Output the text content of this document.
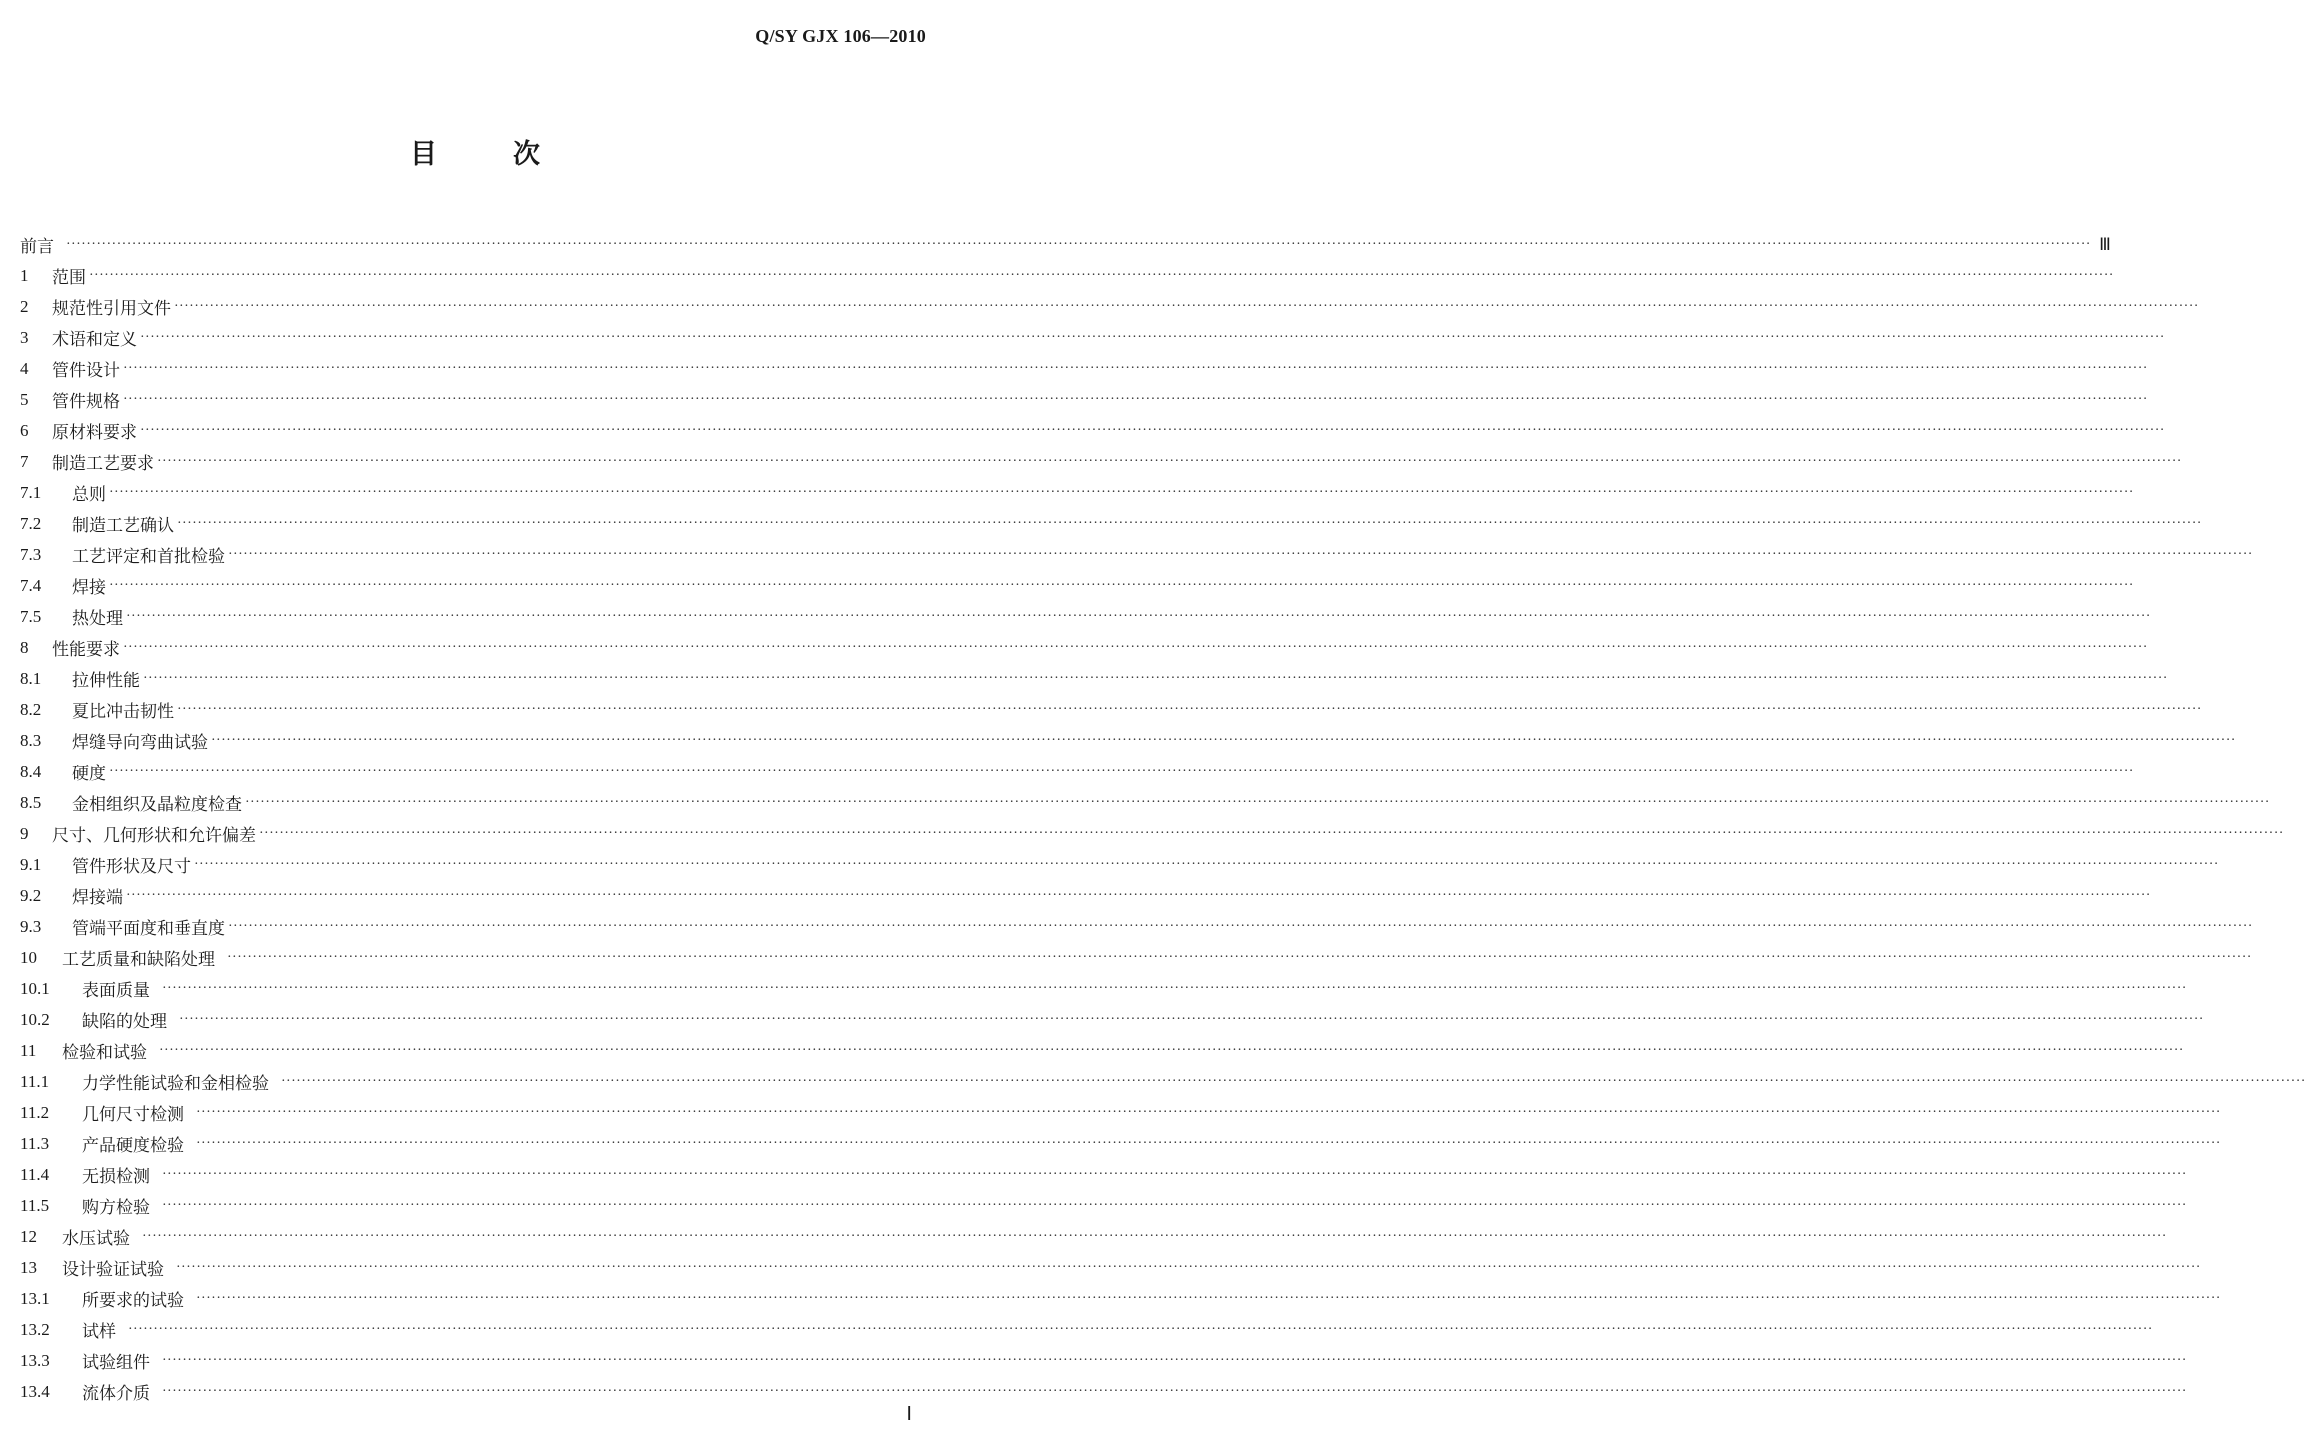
Q/SY GJX 106—2010
目	次
前言 ················································································································································································································································································································································································································ Ⅲ
1	范围 ················································································································································································································································································································································································································
2	规范性引用文件 ················································································································································································································································································································································································································
3	术语和定义 ················································································································································································································································································································································································································
4	管件设计 ················································································································································································································································································································································································································
5	管件规格 ················································································································································································································································································································································································································
6	原材料要求 ················································································································································································································································································································································································································
7	制造工艺要求 ················································································································································································································································································································································································································
7.1	总则 ················································································································································································································································································································································································································
7.2	制造工艺确认 ················································································································································································································································································································································································································
7.3	工艺评定和首批检验 ················································································································································································································································································································································································································
7.4	焊接 ················································································································································································································································································································································································································
7.5	热处理 ················································································································································································································································································································································································································
8	性能要求 ················································································································································································································································································································································································································
8.1	拉伸性能 ················································································································································································································································································································································································································
8.2	夏比冲击韧性 ················································································································································································································································································································································································································
8.3	焊缝导向弯曲试验 ················································································································································································································································································································································································································
8.4	硬度 ················································································································································································································································································································································································································
8.5	金相组织及晶粒度检查 ················································································································································································································································································································································································································
9	尺寸、几何形状和允许偏差 ················································································································································································································································································································································································································
9.1	管件形状及尺寸 ················································································································································································································································································································································································································
9.2	焊接端 ················································································································································································································································································································································································································
9.3	管端平面度和垂直度 ················································································································································································································································································································································································································
10	工艺质量和缺陷处理 ················································································································································································································································································································································································································
10.1	表面质量 ················································································································································································································································································································································································································
10.2	缺陷的处理 ················································································································································································································································································································································································································
11	检验和试验 ················································································································································································································································································································································································································
11.1	力学性能试验和金相检验 ················································································································································································································································································································································································································
11.2	几何尺寸检测 ················································································································································································································································································································································································································
11.3	产品硬度检验 ················································································································································································································································································································································································································
11.4	无损检测 ················································································································································································································································································································································································································
11.5	购方检验 ················································································································································································································································································································································································································
12	水压试验 ················································································································································································································································································································································································································
13	设计验证试验 ················································································································································································································································································································································································································
13.1	所要求的试验 ················································································································································································································································································································································································································
13.2	试样 ················································································································································································································································································································································································································
13.3	试验组件 ················································································································································································································································································································································································································
13.4	流体介质 ················································································································································································································································································································································································································
Ⅰ
